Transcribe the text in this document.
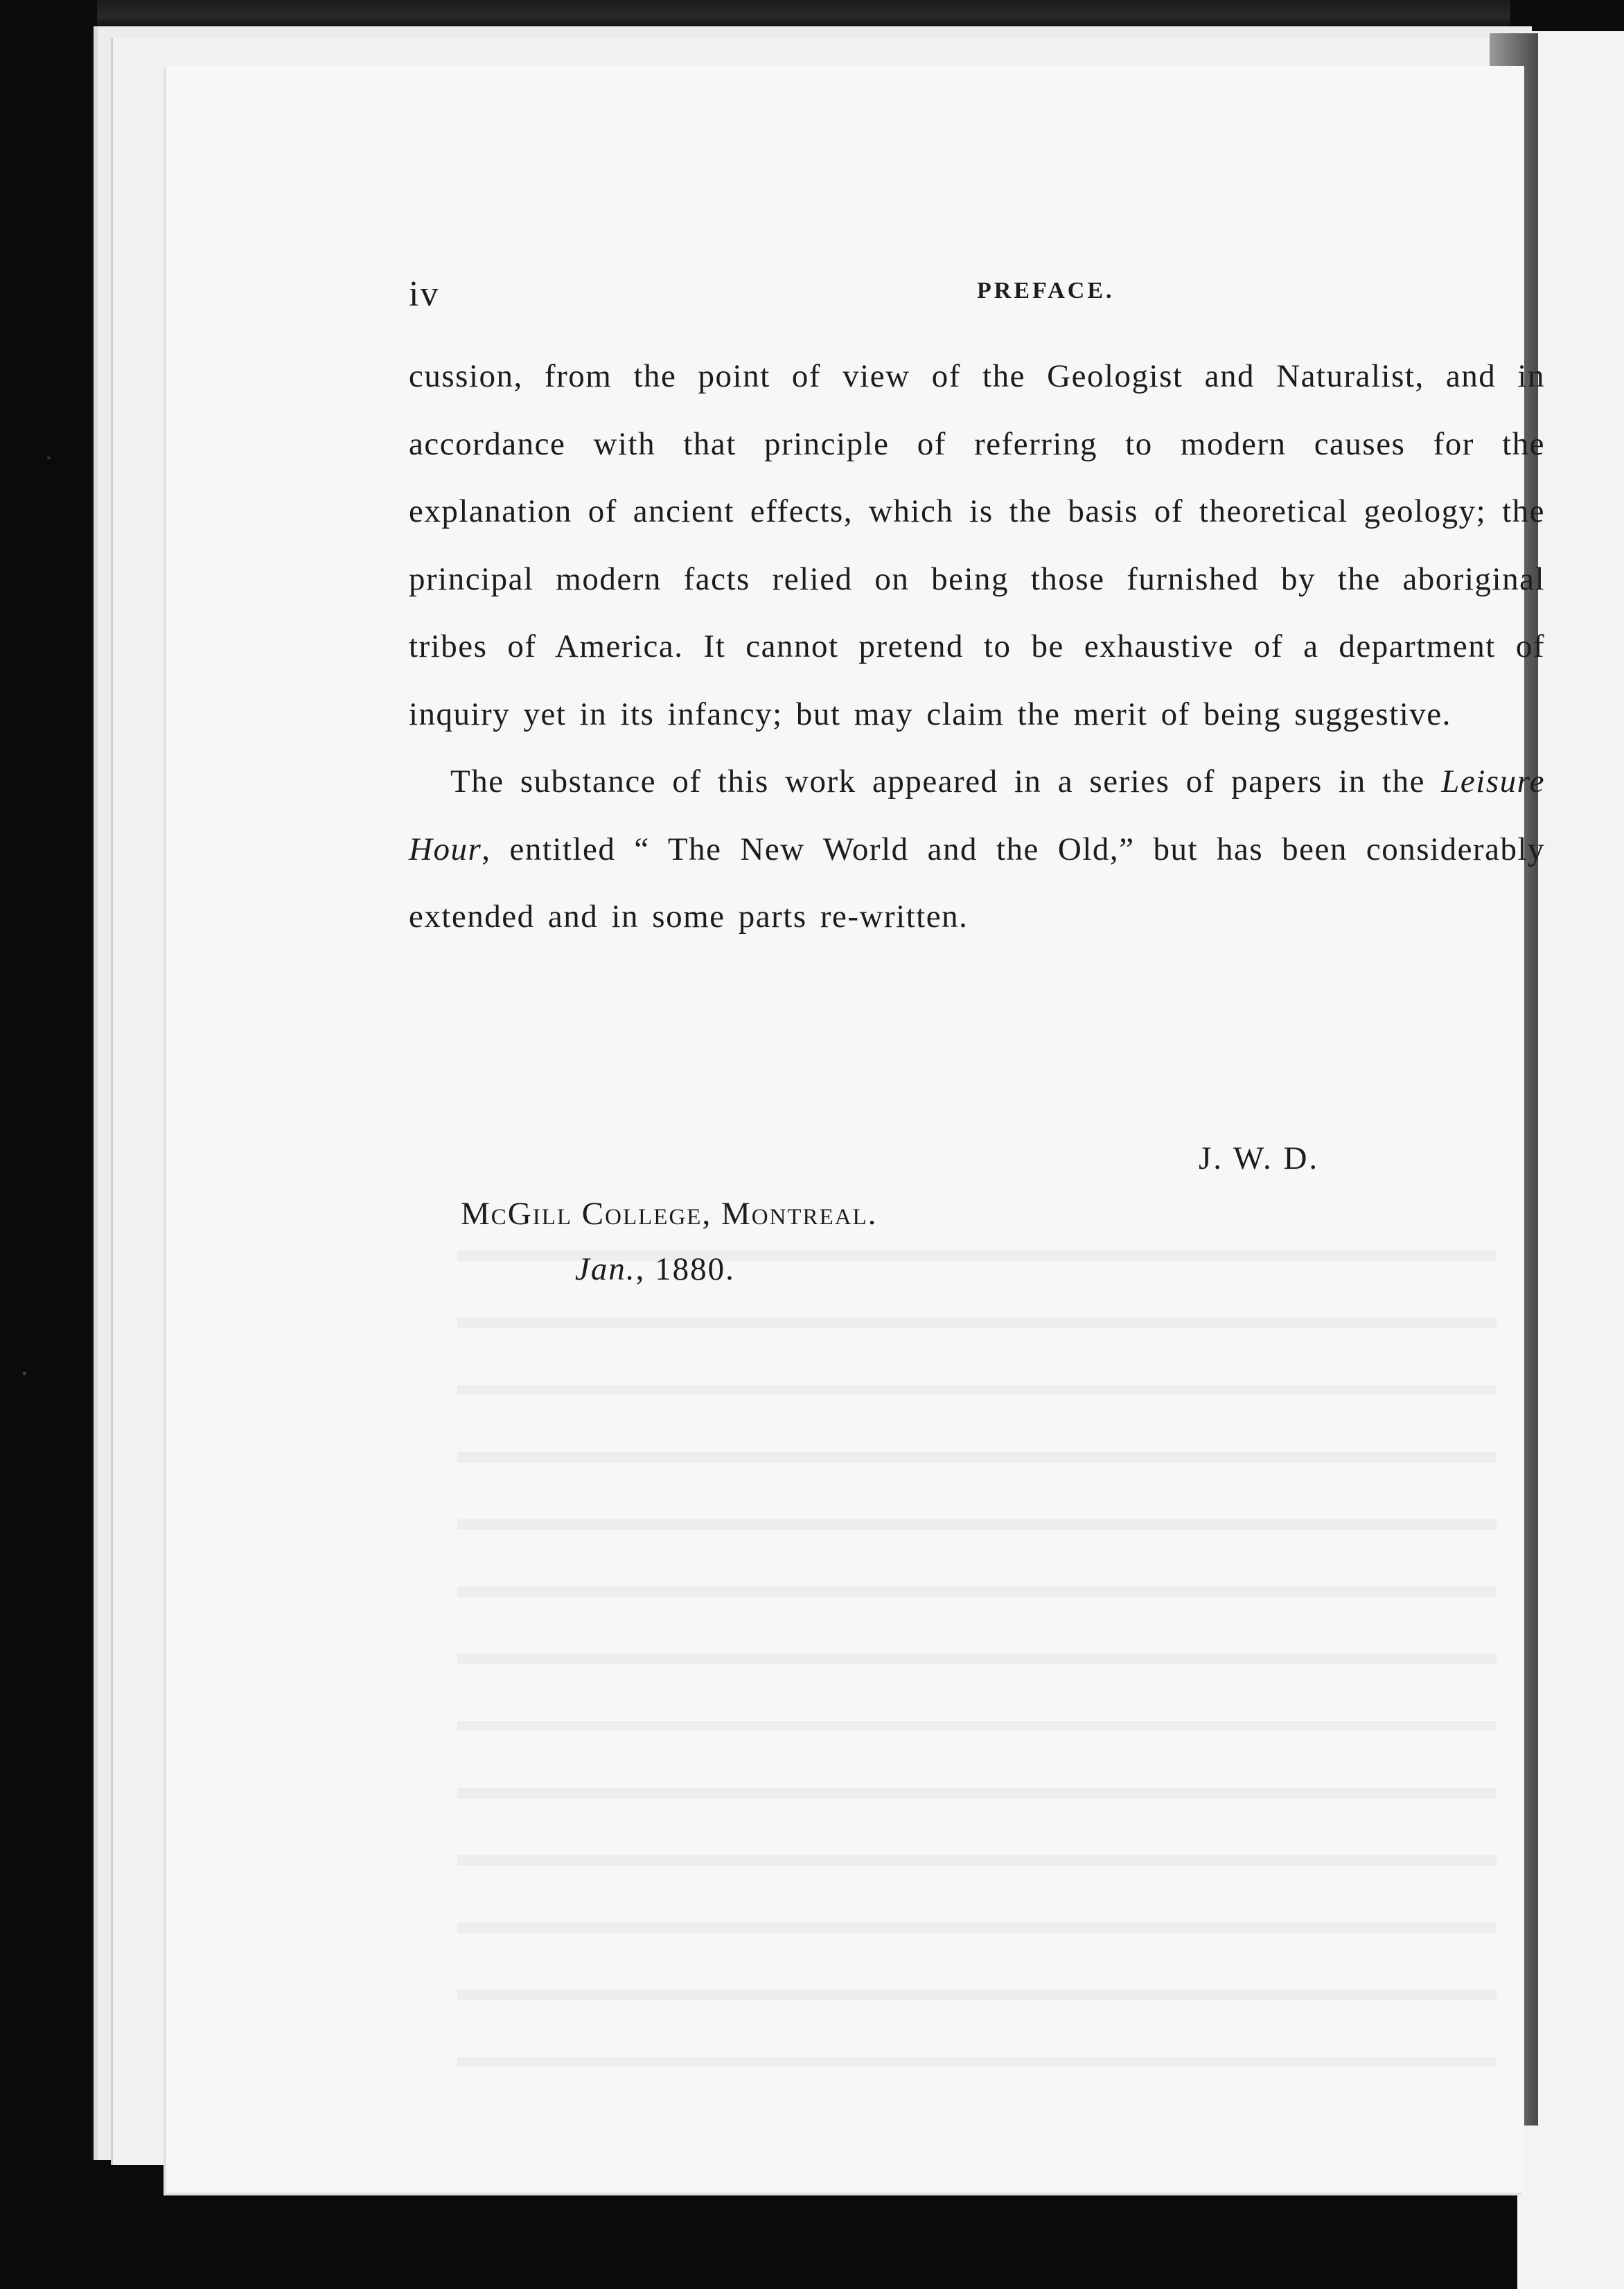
iv	PREFACE.

cussion, from the point of view of the Geologist and Naturalist, and in accordance with that principle of referring to modern causes for the explanation of ancient effects, which is the basis of theoretical geology; the principal modern facts relied on being those furnished by the aboriginal tribes of America. It cannot pretend to be exhaustive of a department of inquiry yet in its infancy; but may claim the merit of being suggestive.

The substance of this work appeared in a series of papers in the Leisure Hour, entitled “ The New World and the Old,” but has been considerably extended and in some parts re-written.

J. W. D.
McGill College, Montreal.
Jan., 1880.
